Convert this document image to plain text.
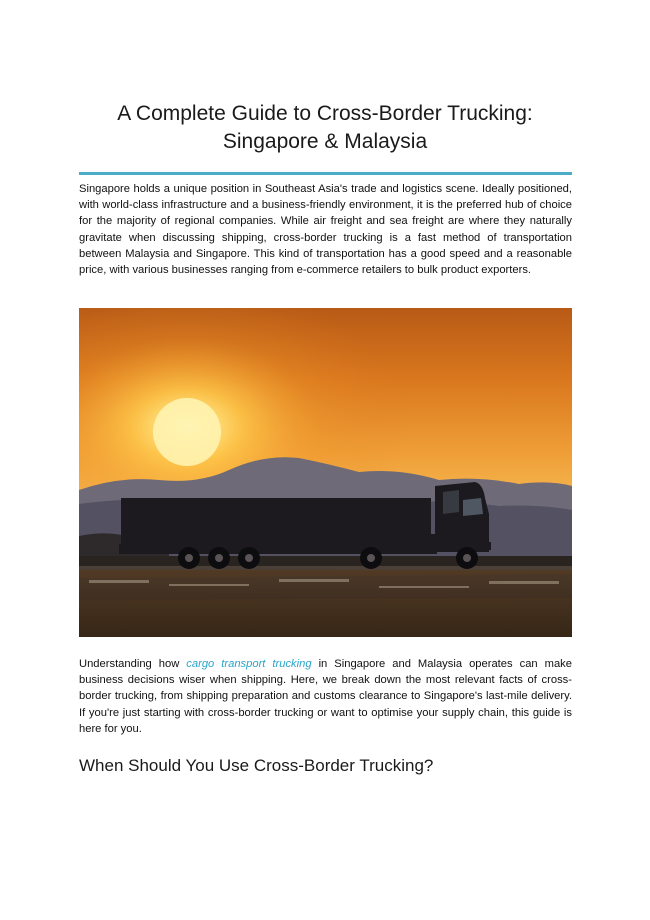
A Complete Guide to Cross-Border Trucking:
Singapore & Malaysia

Singapore holds a unique position in Southeast Asia's trade and logistics scene. Ideally positioned, with world-class infrastructure and a business-friendly environment, it is the preferred hub of choice for the majority of regional companies. While air freight and sea freight are where they naturally gravitate when discussing shipping, cross-border trucking is a fast method of transportation between Malaysia and Singapore. This kind of transportation has a good speed and a reasonable price, with various businesses ranging from e-commerce retailers to bulk product exporters.

Understanding how cargo transport trucking in Singapore and Malaysia operates can make business decisions wiser when shipping. Here, we break down the most relevant facts of cross-border trucking, from shipping preparation and customs clearance to Singapore's last-mile delivery. If you're just starting with cross-border trucking or want to optimise your supply chain, this guide is here for you.

When Should You Use Cross-Border Trucking?
